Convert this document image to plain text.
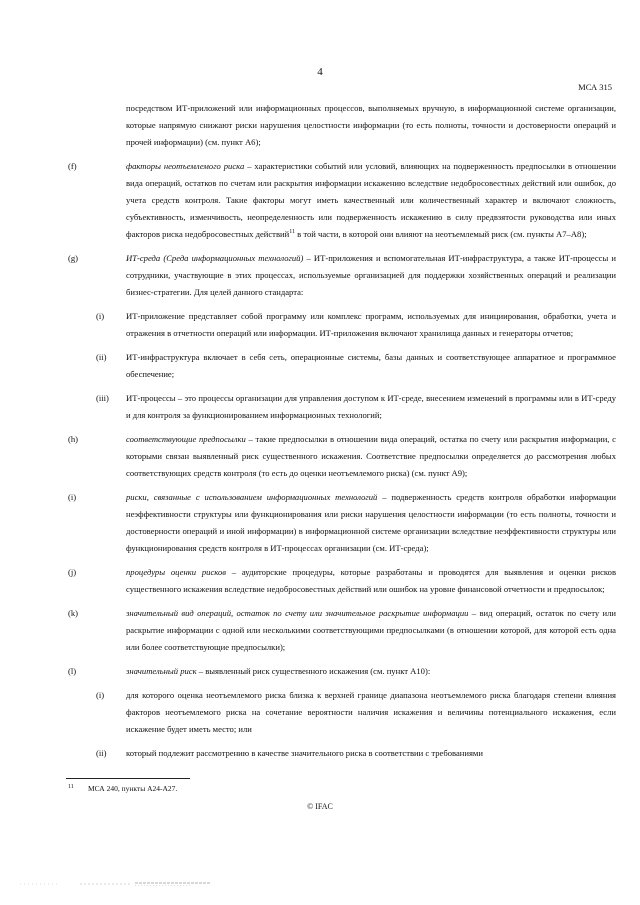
4
МСА 315

посредством ИТ-приложений или информационных процессов, выполняемых вручную, в информационной системе организации, которые напрямую снижают риски нарушения целостности информации (то есть полноты, точности и достоверности операций и прочей информации) (см. пункт А6);

(f)	факторы неотъемлемого риска – характеристики событий или условий, влияющих на подверженность предпосылки в отношении вида операций, остатков по счетам или раскрытия информации искажению вследствие недобросовестных действий или ошибок, до учета средств контроля. Такие факторы могут иметь качественный или количественный характер и включают сложность, субъективность, изменчивость, неопределенность или подверженность искажению в силу предвзятости руководства или иных факторов риска недобросовестных действий$^{11}$ в той части, в которой они влияют на неотъемлемый риск (см. пункты А7–А8);
(g)	ИТ-среда (Среда информационных технологий) – ИТ-приложения и вспомогательная ИТ-инфраструктура, а также ИТ-процессы и сотрудники, участвующие в этих процессах, используемые организацией для поддержки хозяйственных операций и реализации бизнес-стратегии. Для целей данного стандарта:
(i)	ИТ-приложение представляет собой программу или комплекс программ, используемых для инициирования, обработки, учета и отражения в отчетности операций или информации. ИТ-приложения включают хранилища данных и генераторы отчетов;
(ii) ИТ-инфраструктура включает в себя сеть, операционные системы, базы данных и соответствующее аппаратное и программное обеспечение;
(iii) ИТ-процессы – это процессы организации для управления доступом к ИТ-среде, внесением изменений в программы или в ИТ-среду и для контроля за функционированием информационных технологий;
(h)	соответствующие предпосылки – такие предпосылки в отношении вида операций, остатка по счету или раскрытия информации, с которыми связан выявленный риск существенного искажения. Соответствие предпосылки определяется до рассмотрения любых соответствующих средств контроля (то есть до оценки неотъемлемого риска) (см. пункт А9);
(i)	риски, связанные с использованием информационных технологий – подверженность средств контроля обработки информации неэффективности структуры или функционирования или риски нарушения целостности информации (то есть полноты, точности и достоверности операций и иной информации) в информационной системе организации вследствие неэффективности структуры или функционирования средств контроля в ИТ-процессах организации (см. ИТ-среда);
(j)	процедуры оценки рисков – аудиторские процедуры, которые разработаны и проводятся для выявления и оценки рисков существенного искажения вследствие недобросовестных действий или ошибок на уровне финансовой отчетности и предпосылок;
(k)	значительный вид операций, остаток по счету или значительное раскрытие информации – вид операций, остаток по счету или раскрытие информации с одной или несколькими соответствующими предпосылками (в отношении которой, для которой есть одна или более соответствующие предпосылки);
(l)	значительный риск – выявленный риск существенного искажения (см. пункт А10):
(i)	для которого оценка неотъемлемого риска близка к верхней границе диапазона неотъемлемого риска благодаря степени влияния факторов неотъемлемого риска на сочетание вероятности наличия искажения и величины потенциального искажения, если искажение будет иметь место; или
(ii) который подлежит рассмотрению в качестве значительного риска в соответствии с требованиями
11 МСА 240, пункты А24-А27.
© IFAC
